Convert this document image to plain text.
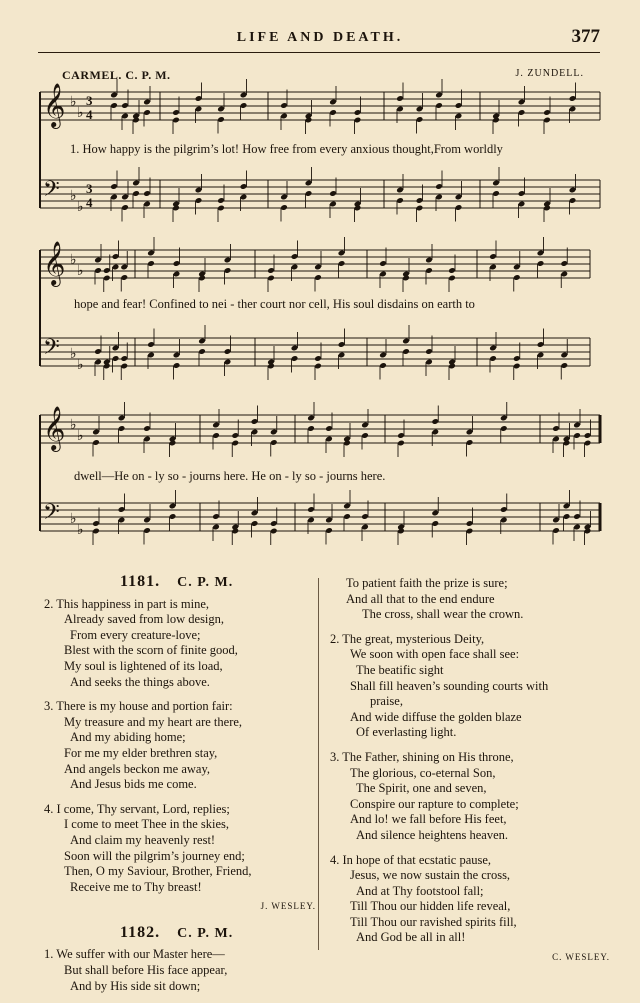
LIFE AND DEATH.	377
CARMEL. C. P. M.	J. ZUNDELL.
𝄞 ♭
♭
3
4
𝄢 ♭
♭
3
4
𝄞 ♭
♭
𝄢 ♭
♭
𝄞 ♭
♭
𝄢 ♭
♭
1. How happy is the pilgrim’s lot! How free from every anxious thought,From worldly
hope and fear! Confined to nei - ther court nor cell, His soul disdains on earth to
dwell—He on - ly so - journs here. He on - ly so - journs here.
1181. C. P. M.
2. This happiness in part is mine,
Already saved from low design,
From every creature-love;
Blest with the scorn of finite good,
My soul is lightened of its load,
And seeks the things above.
3. There is my house and portion fair:
My treasure and my heart are there,
And my abiding home;
For me my elder brethren stay,
And angels beckon me away,
And Jesus bids me come.
4. I come, Thy servant, Lord, replies;
I come to meet Thee in the skies,
And claim my heavenly rest!
Soon will the pilgrim’s journey end;
Then, O my Saviour, Brother, Friend,
Receive me to Thy breast!
J. WESLEY.
1182. C. P. M.
1. We suffer with our Master here—
But shall before His face appear,
And by His side sit down;
To patient faith the prize is sure;
And all that to the end endure
The cross, shall wear the crown.
2. The great, mysterious Deity,
We soon with open face shall see:
The beatific sight
Shall fill heaven’s sounding courts with
praise,
And wide diffuse the golden blaze
Of everlasting light.
3. The Father, shining on His throne,
The glorious, co-eternal Son,
The Spirit, one and seven,
Conspire our rapture to complete;
And lo! we fall before His feet,
And silence heightens heaven.
4. In hope of that ecstatic pause,
Jesus, we now sustain the cross,
And at Thy footstool fall;
Till Thou our hidden life reveal,
Till Thou our ravished spirits fill,
And God be all in all!
C. WESLEY.
